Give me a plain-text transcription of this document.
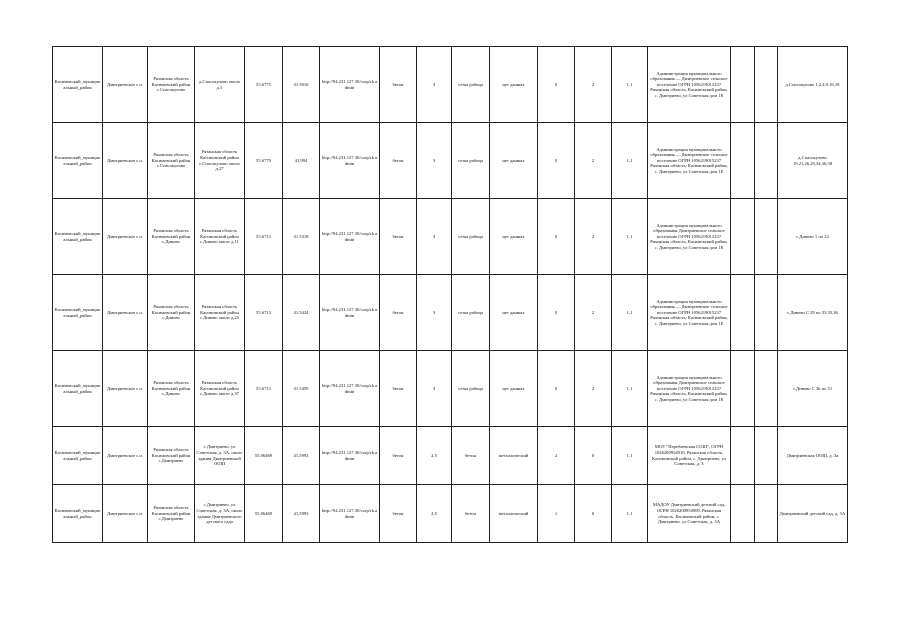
Касимовский_муниципальный_район	Дмитриевское с.п.	Рязанская область Касимовский район с.Спасокулово	д.Спасокулово около д.5	55.6775	41.5016	http://94.231.127.30/corp/rk.admin	бетон	3	сетка рабица	нет данных	0	2	1,1	Администрация муниципального образования — Дмитриевское сельское поселение ОГРН 1056219015237 Рязанская область, Касимовский район, с. Дмитриево, ул Советская дом 1Е			д.Спасокулово 1,2,4,9,16,18
Касимовский_муниципальный_район	Дмитриевское с.п.	Рязанская область Касимовский район с.Спасокулово	Рязанская область Касимовский район с.Спасокулово около д.27	55.6779	41.994	http://94.231.127.30/corp/rk.admin	бетон	3	сетка рабица	нет данных	0	2	1,1	Администрация муниципального образования — Дмитриевское сельское поселение ОГРН 1056219015237 Рязанская область, Касимовский район, с. Дмитриево, ул Советская дом 1Е			д.Спасокулово 19,21,26,29,34,36,38
Касимовский_муниципальный_район	Дмитриевское с.п.	Рязанская область Касимовский район с.Дивово	Рязанская область Касимовский район с.Дивово около д.11	55.6713	41.5318	http://94.231.127.30/corp/rk.admin	бетон	3	сетка рабица	нет данных	0	2	1,1	Администрация муниципального образования Дмитриевское сельское поселение ОГРН 1056219015237 Рязанская область, Касимовский район, с. Дмитриево, ул Советская дом 1Е			с.Дивово 1 по 22
Касимовский_муниципальный_район	Дмитриевское с.п.	Рязанская область Касимовский район с.Дивово	Рязанская область Касимовский район с.Дивово около д.25	55.6713	41.5424	http://94.231.127.30/corp/rk.admin	бетон	3	сетка рабица	нет данных	0	2	1,1	Администрация муниципального образования — Дмитриевское сельское поселение ОГРН 1056219015237 Рязанская область, Касимовский район, с. Дмитриево, ул Советская дом 1Е			с.Дивово С 29 по 33,35,36
Касимовский_муниципальный_район	Дмитриевское с.п.	Рязанская область Касимовский район с.Дивово	Рязанская область Касимовский район с.Дивово около д.37	55.6713	41.5459	http://94.231.127.30/corp/rk.admin	бетон	3	сетка рабица	нет данных	0	2	1,1	Администрация муниципального образования Дмитриевское сельское поселение ОГРН 1056219015237 Рязанская область, Касимовский район, с. Дмитриево, ул Советская дом 1Е			с.Дивово С 36 по 51
Касимовский_муниципальный_район	Дмитриевское с.п.	Рязанская область Касимовский район с.Дмитриево	с.Дмитриево, ул Советская, д. 3А, около здания Дмитриевской ООШ	55,06469	41,5993	http://94.231.127.30/corp/rk.admin	бетон	2,5	бетон	металлический	2	0	1,1	МОУ "Перебаевская СОШ", ОГРН 1026200954910, Рязанская область, Касимовский район, с. Дмитриево, ул Советская, д. 3			Дмитриевская ООШ, д. 3а
Касимовский_муниципальный_район	Дмитриевское с.п.	Рязанская область Касимовский район с.Дмитриево	с.Дмитриево, ул Советская, д. 3А, около здания Дмитриевского детского сада	55,06469	41,5993	http://94.231.127.30/corp/rk.admin	бетон	2,5	бетон	металлический	1	0	1,1	МАДОУ Дмитриевский детский сад, ОГРН 1026200954909, Рязанская область, Касимовский район, с. Дмитриево, ул Советская, д. 3А			Дмитриевский детский сад, д. 3А
